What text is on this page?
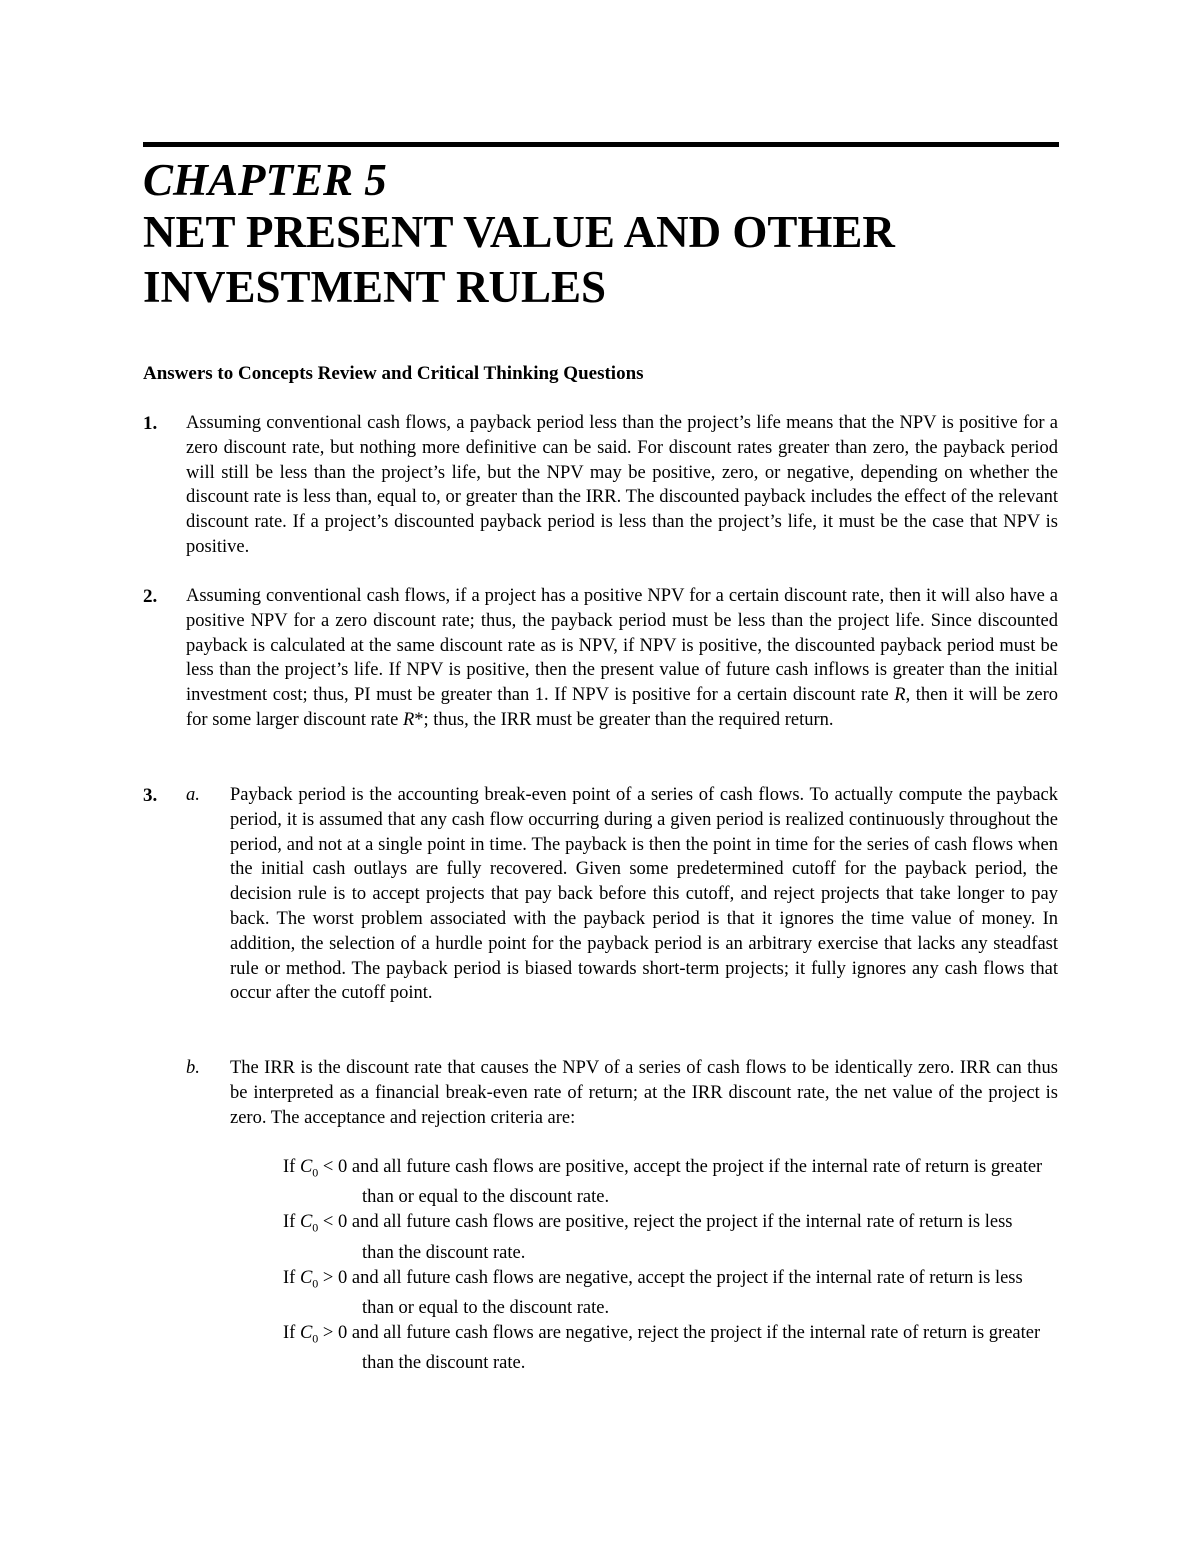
CHAPTER 5
NET PRESENT VALUE AND OTHER INVESTMENT RULES
Answers to Concepts Review and Critical Thinking Questions
1. Assuming conventional cash flows, a payback period less than the project’s life means that the NPV is positive for a zero discount rate, but nothing more definitive can be said. For discount rates greater than zero, the payback period will still be less than the project’s life, but the NPV may be positive, zero, or negative, depending on whether the discount rate is less than, equal to, or greater than the IRR. The discounted payback includes the effect of the relevant discount rate. If a project’s discounted payback period is less than the project’s life, it must be the case that NPV is positive.
2. Assuming conventional cash flows, if a project has a positive NPV for a certain discount rate, then it will also have a positive NPV for a zero discount rate; thus, the payback period must be less than the project life. Since discounted payback is calculated at the same discount rate as is NPV, if NPV is positive, the discounted payback period must be less than the project’s life. If NPV is positive, then the present value of future cash inflows is greater than the initial investment cost; thus, PI must be greater than 1. If NPV is positive for a certain discount rate R, then it will be zero for some larger discount rate R*; thus, the IRR must be greater than the required return.
3. a. Payback period is the accounting break-even point of a series of cash flows. To actually compute the payback period, it is assumed that any cash flow occurring during a given period is realized continuously throughout the period, and not at a single point in time. The payback is then the point in time for the series of cash flows when the initial cash outlays are fully recovered. Given some predetermined cutoff for the payback period, the decision rule is to accept projects that pay back before this cutoff, and reject projects that take longer to pay back. The worst problem associated with the payback period is that it ignores the time value of money. In addition, the selection of a hurdle point for the payback period is an arbitrary exercise that lacks any steadfast rule or method. The payback period is biased towards short-term projects; it fully ignores any cash flows that occur after the cutoff point.
b. The IRR is the discount rate that causes the NPV of a series of cash flows to be identically zero. IRR can thus be interpreted as a financial break-even rate of return; at the IRR discount rate, the net value of the project is zero. The acceptance and rejection criteria are:
If $C_0 < 0$ and all future cash flows are positive, accept the project if the internal rate of return is greater than or equal to the discount rate.
If $C_0 < 0$ and all future cash flows are positive, reject the project if the internal rate of return is less than the discount rate.
If $C_0 > 0$ and all future cash flows are negative, accept the project if the internal rate of return is less than or equal to the discount rate.
If $C_0 > 0$ and all future cash flows are negative, reject the project if the internal rate of return is greater than the discount rate.
